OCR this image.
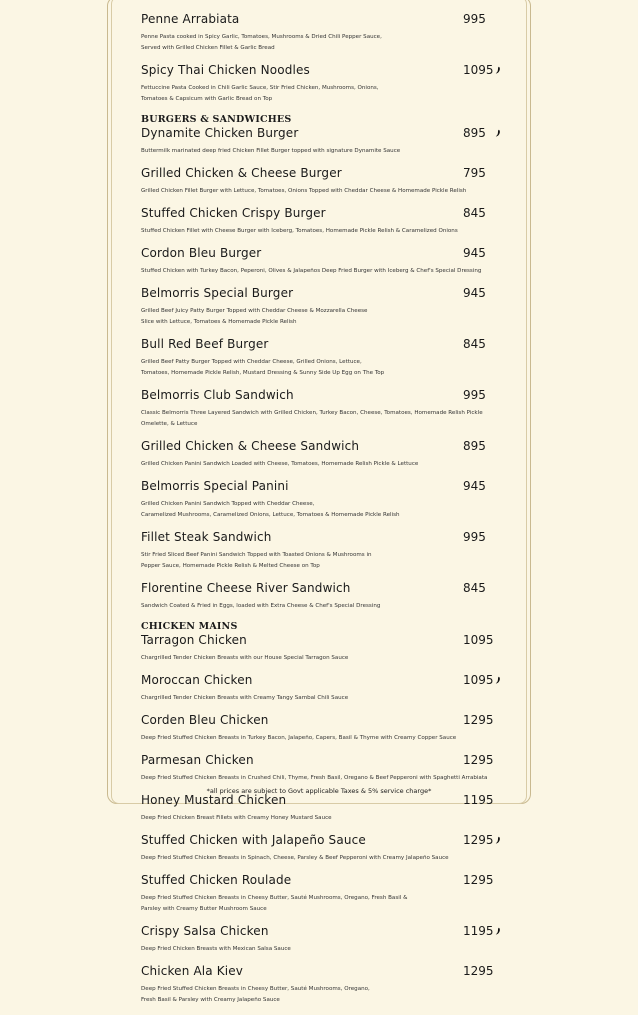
Penne Arrabiata	995
Penne Pasta cooked in Spicy Garlic, Tomatoes, Mushrooms & Dried Chili Pepper Sauce,
Served with Grilled Chicken Fillet & Garlic Bread
Spicy Thai Chicken Noodles	1095
Fettuccine Pasta Cooked in Chili Garlic Sauce, Stir Fried Chicken, Mushrooms, Onions,
Tomatoes & Capsicum with Garlic Bread on Top
BURGERS & SANDWICHES
Dynamite Chicken Burger	895
Buttermilk marinated deep fried Chicken Fillet Burger topped with signature Dynamite Sauce
Grilled Chicken & Cheese Burger	795
Grilled Chicken Fillet Burger with Lettuce, Tomatoes, Onions Topped with Cheddar Cheese & Homemade Pickle Relish
Stuffed Chicken Crispy Burger	845
Stuffed Chicken Fillet with Cheese Burger with Iceberg, Tomatoes, Homemade Pickle Relish & Caramelized Onions
Cordon Bleu Burger	945
Stuffed Chicken with Turkey Bacon, Peperoni, Olives & Jalapeños Deep Fried Burger with Iceberg & Chef's Special Dressing
Belmorris Special Burger	945
Grilled Beef Juicy Patty Burger Topped with Cheddar Cheese & Mozzarella Cheese
Slice with Lettuce, Tomatoes & Homemade Pickle Relish
Bull Red Beef Burger	845
Grilled Beef Patty Burger Topped with Cheddar Cheese, Grilled Onions, Lettuce,
Tomatoes, Homemade Pickle Relish, Mustard Dressing & Sunny Side Up Egg on The Top
Belmorris Club Sandwich	995
Classic Belmorris Three Layered Sandwich with Grilled Chicken, Turkey Bacon, Cheese, Tomatoes, Homemade Relish Pickle
Omelette, & Lettuce
Grilled Chicken & Cheese Sandwich	895
Grilled Chicken Panini Sandwich Loaded with Cheese, Tomatoes, Homemade Relish Pickle & Lettuce
Belmorris Special Panini	945
Grilled Chicken Panini Sandwich Topped with Cheddar Cheese,
Caramelized Mushrooms, Caramelized Onions, Lettuce, Tomatoes & Homemade Pickle Relish
Fillet Steak Sandwich	995
Stir Fried Sliced Beef Panini Sandwich Topped with Toasted Onions & Mushrooms in
Pepper Sauce, Homemade Pickle Relish & Melted Cheese on Top
Florentine Cheese River Sandwich	845
Sandwich Coated & Fried in Eggs, loaded with Extra Cheese & Chef's Special Dressing
CHICKEN MAINS
Tarragon Chicken	1095
Chargrilled Tender Chicken Breasts with our House Special Tarragon Sauce
Moroccan Chicken	1095
Chargrilled Tender Chicken Breasts with Creamy Tangy Sambal Chili Sauce
Corden Bleu Chicken	1295
Deep Fried Stuffed Chicken Breasts in Turkey Bacon, Jalapeño, Capers, Basil & Thyme with Creamy Copper Sauce
Parmesan Chicken	1295
Deep Fried Stuffed Chicken Breasts in Crushed Chili, Thyme, Fresh Basil, Oregano & Beef Pepperoni with Spaghetti Arrabiata
Honey Mustard Chicken	1195
Deep Fried Chicken Breast Fillets with Creamy Honey Mustard Sauce
Stuffed Chicken with Jalapeño Sauce	1295
Deep Fried Stuffed Chicken Breasts in Spinach, Cheese, Parsley & Beef Pepperoni with Creamy Jalapeño Sauce
Stuffed Chicken Roulade	1295
Deep Fried Stuffed Chicken Breasts in Cheesy Butter, Sauté Mushrooms, Oregano, Fresh Basil &
Parsley with Creamy Butter Mushroom Sauce
Crispy Salsa Chicken	1195
Deep Fried Chicken Breasts with Mexican Salsa Sauce
Chicken Ala Kiev	1295
Deep Fried Stuffed Chicken Breasts in Cheesy Butter, Sauté Mushrooms, Oregano,
Fresh Basil & Parsley with Creamy Jalapeño Sauce
*all prices are subject to Govt applicable Taxes & 5% service charge*
